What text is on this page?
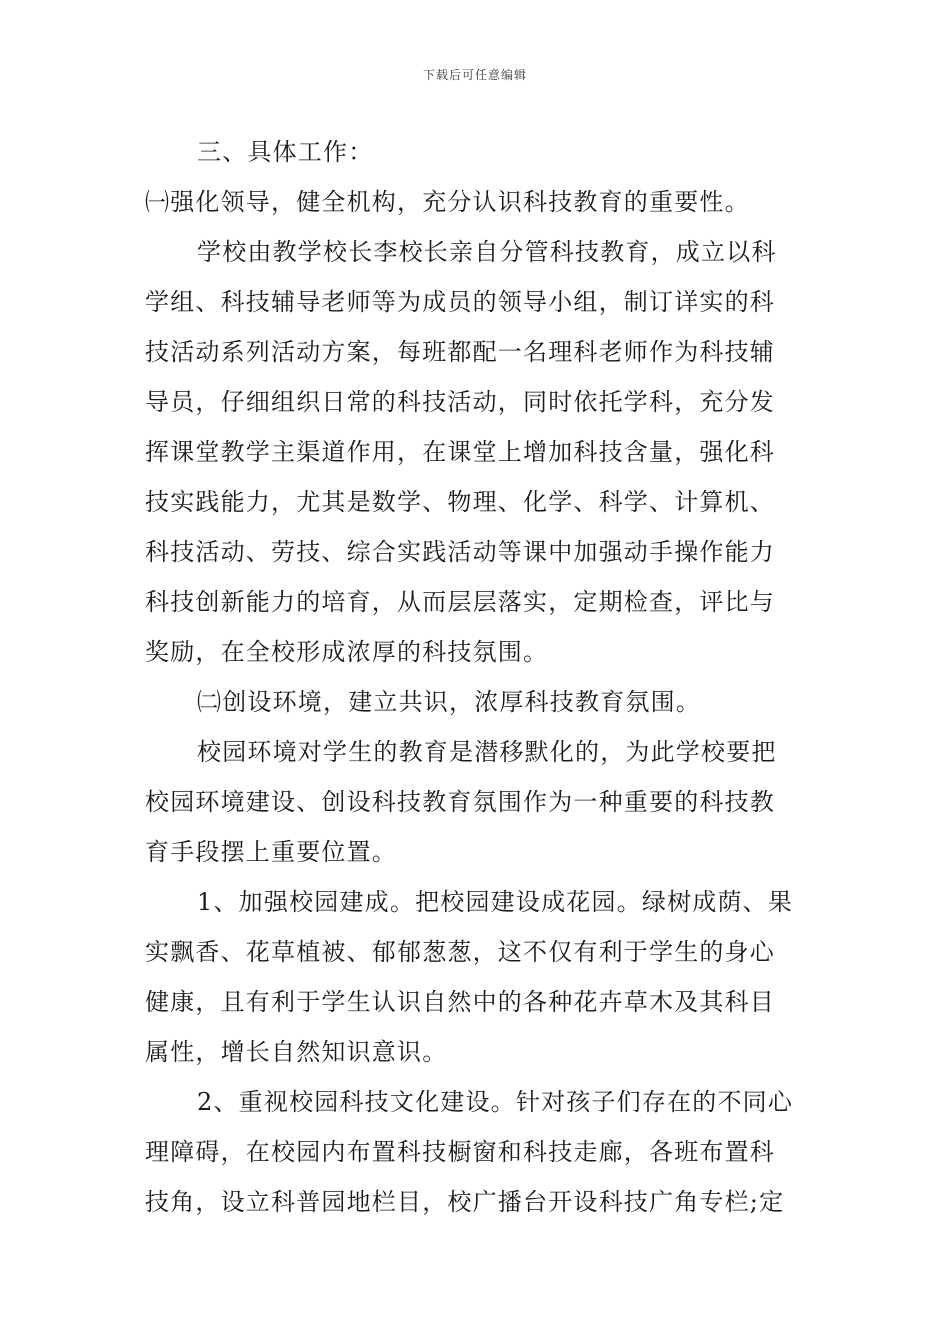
下载后可任意编辑
三、具体工作：
㈠强化领导，健全机构，充分认识科技教育的重要性。
学校由教学校长李校长亲自分管科技教育，成立以科
学组、科技辅导老师等为成员的领导小组，制订详实的科
技活动系列活动方案，每班都配一名理科老师作为科技辅
导员，仔细组织日常的科技活动，同时依托学科，充分发
挥课堂教学主渠道作用，在课堂上增加科技含量，强化科
技实践能力，尤其是数学、物理、化学、科学、计算机、
科技活动、劳技、综合实践活动等课中加强动手操作能力
科技创新能力的培育，从而层层落实，定期检查，评比与
奖励，在全校形成浓厚的科技氛围。
㈡创设环境，建立共识，浓厚科技教育氛围。
校园环境对学生的教育是潜移默化的，为此学校要把
校园环境建设、创设科技教育氛围作为一种重要的科技教
育手段摆上重要位置。
1、加强校园建成。把校园建设成花园。绿树成荫、果
实飘香、花草植被、郁郁葱葱，这不仅有利于学生的身心
健康，且有利于学生认识自然中的各种花卉草木及其科目
属性，增长自然知识意识。
2、重视校园科技文化建设。针对孩子们存在的不同心
理障碍，在校园内布置科技橱窗和科技走廊，各班布置科
技角，设立科普园地栏目，校广播台开设科技广角专栏;定
